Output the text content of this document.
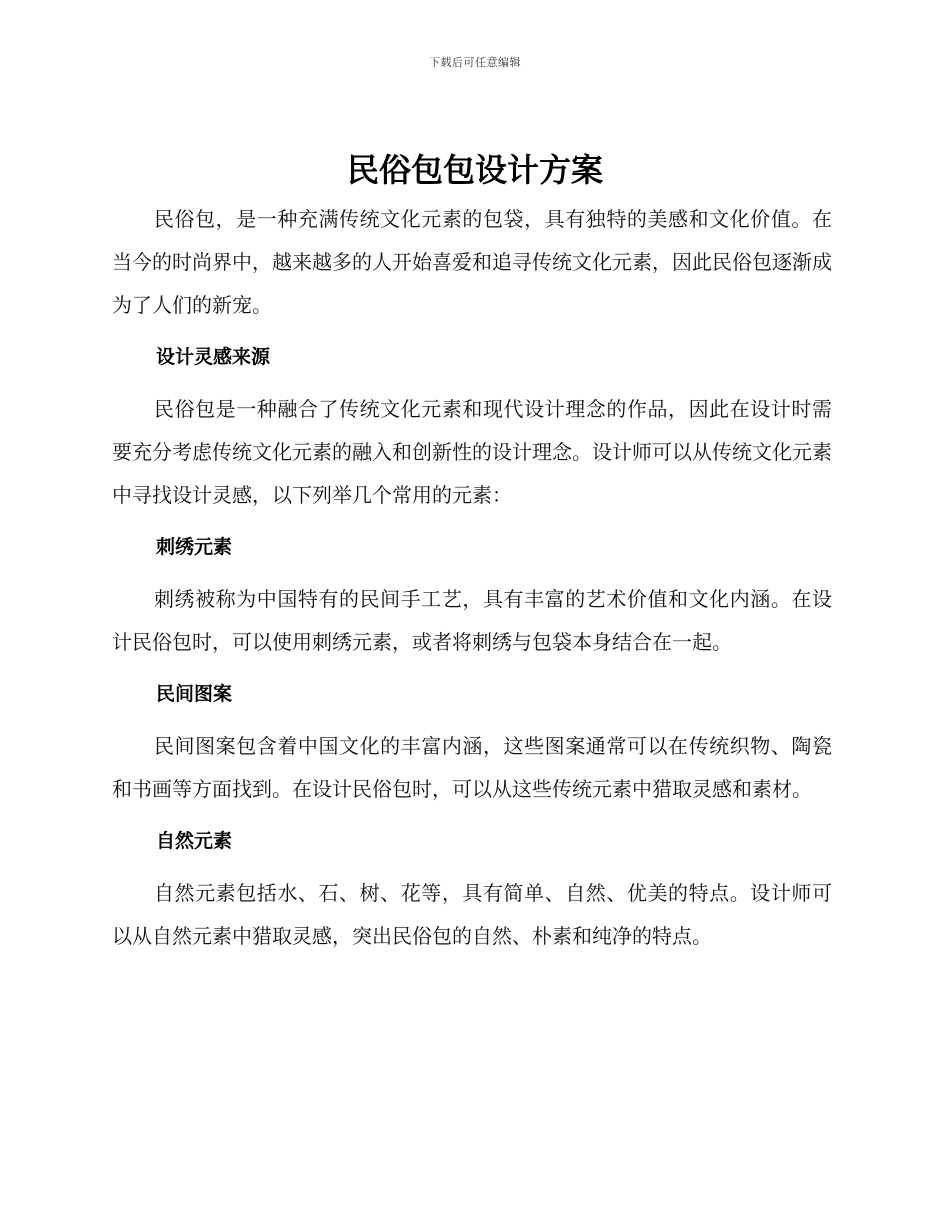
下载后可任意编辑
民俗包包设计方案

民俗包，是一种充满传统文化元素的包袋，具有独特的美感和文化价值。在当今的时尚界中，越来越多的人开始喜爱和追寻传统文化元素，因此民俗包逐渐成为了人们的新宠。

设计灵感来源

民俗包是一种融合了传统文化元素和现代设计理念的作品，因此在设计时需要充分考虑传统文化元素的融入和创新性的设计理念。设计师可以从传统文化元素中寻找设计灵感，以下列举几个常用的元素：

刺绣元素

刺绣被称为中国特有的民间手工艺，具有丰富的艺术价值和文化内涵。在设计民俗包时，可以使用刺绣元素，或者将刺绣与包袋本身结合在一起。

民间图案

民间图案包含着中国文化的丰富内涵，这些图案通常可以在传统织物、陶瓷和书画等方面找到。在设计民俗包时，可以从这些传统元素中猎取灵感和素材。

自然元素

自然元素包括水、石、树、花等，具有简单、自然、优美的特点。设计师可以从自然元素中猎取灵感，突出民俗包的自然、朴素和纯净的特点。
